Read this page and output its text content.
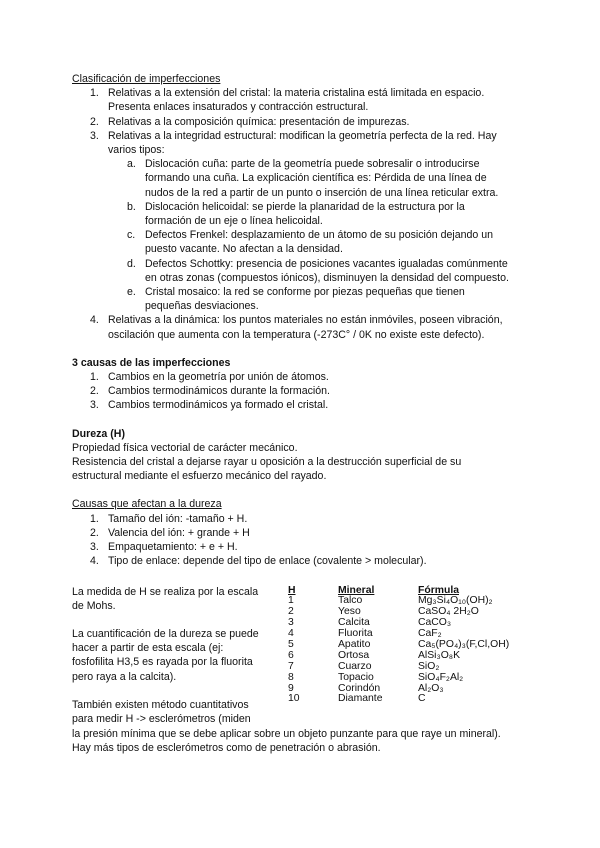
Clasificación de imperfecciones
1. Relativas a la extensión del cristal: la materia cristalina está limitada en espacio.
Presenta enlaces insaturados y contracción estructural.
2. Relativas a la composición química: presentación de impurezas.
3. Relativas a la integridad estructural: modifican la geometría perfecta de la red. Hay
varios tipos:
a. Dislocación cuña: parte de la geometría puede sobresalir o introducirse
formando una cuña. La explicación científica es: Pérdida de una línea de
nudos de la red a partir de un punto o inserción de una línea reticular extra.
b. Dislocación helicoidal: se pierde la planaridad de la estructura por la
formación de un eje o línea helicoidal.
c. Defectos Frenkel: desplazamiento de un átomo de su posición dejando un
puesto vacante. No afectan a la densidad.
d. Defectos Schottky: presencia de posiciones vacantes igualadas comúnmente
en otras zonas (compuestos iónicos), disminuyen la densidad del compuesto.
e. Cristal mosaico: la red se conforme por piezas pequeñas que tienen
pequeñas desviaciones.
4. Relativas a la dinámica: los puntos materiales no están inmóviles, poseen vibración,
oscilación que aumenta con la temperatura (-273C° / 0K no existe este defecto).
3 causas de las imperfecciones
1. Cambios en la geometría por unión de átomos.
2. Cambios termodinámicos durante la formación.
3. Cambios termodinámicos ya formado el cristal.
Dureza (H)
Propiedad física vectorial de carácter mecánico.
Resistencia del cristal a dejarse rayar u oposición a la destrucción superficial de su
estructural mediante el esfuerzo mecánico del rayado.
Causas que afectan a la dureza
1. Tamaño del ión: -tamaño + H.
2. Valencia del ión: + grande + H
3. Empaquetamiento: + e + H.
4. Tipo de enlace: depende del tipo de enlace (covalente > molecular).
La medida de H se realiza por la escala
de Mohs.
La cuantificación de la dureza se puede
hacer a partir de esta escala (ej:
fosfofilita H3,5 es rayada por la fluorita
pero raya a la calcita).
También existen método cuantitativos
para medir H -> esclerómetros (miden
H	Mineral	Fórmula
1	Talco	Mg₃Si₄O₁₀(OH)₂
2	Yeso	CaSO₄ 2H₂O
3	Calcita	CaCO₃
4	Fluorita	CaF₂
5	Apatito	Ca₅(PO₄)₃(F,Cl,OH)
6	Ortosa	AlSi₃O₈K
7	Cuarzo	SiO₂
8	Topacio	SiO₄F₂Al₂
9	Corindón	Al₂O₃
10	Diamante	C
la presión mínima que se debe aplicar sobre un objeto punzante para que raye un mineral).
Hay más tipos de esclerómetros como de penetración o abrasión.
